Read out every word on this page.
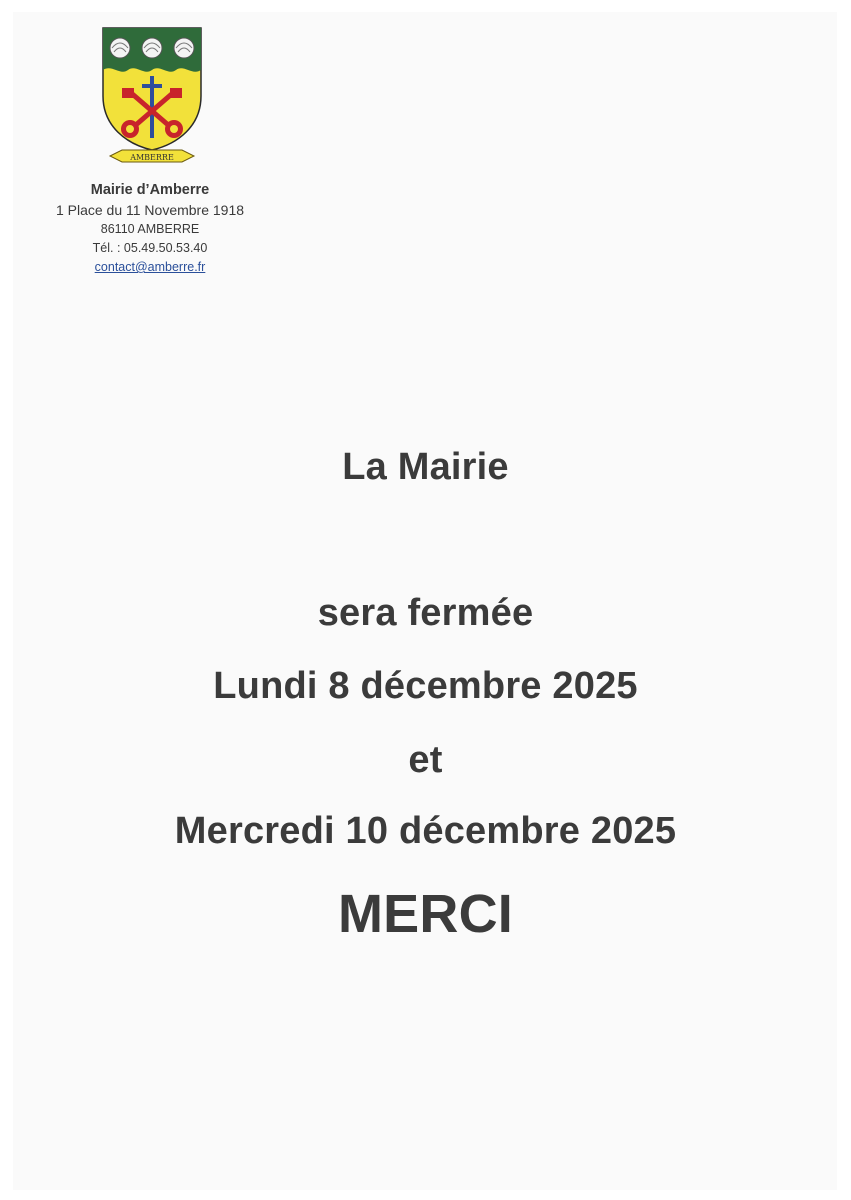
AMBERRE
Mairie d’Amberre
1 Place du 11 Novembre 1918
86110 AMBERRE
Tél. : 05.49.50.53.40
contact@amberre.fr
La Mairie
sera fermée
Lundi 8 décembre 2025
et
Mercredi 10 décembre 2025
MERCI
